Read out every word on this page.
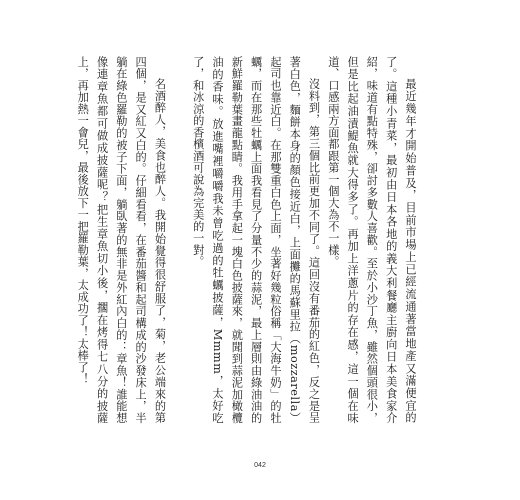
最近幾年才開始普及，目前市場上已經流通著當地產又滿便宜的了。這種小青菜，最初由日本各地的義大利餐廳主廚向日本美食家介紹，味道有點特殊，卻討多數人喜歡。至於小沙丁魚，雖然個頭很小，但是比起油漬鯷魚就大得多了。再加上洋蔥片的存在感，這一個在味道、口感兩方面都跟第一個大為不一樣。

沒料到，第三個比前更加不同了。這回沒有番茄的紅色，反之是呈著白色，麵餅本身的顏色接近白，上面攤的馬蘇里拉（mozzarella）起司也靠近白。在那雙重白色上面，坐著好幾粒俗稱「大海牛奶」的牡蠣，而在那些牡蠣上面我看見了分量不少的蒜泥，最上層則由綠油油的新鮮羅勒葉畫龍點睛。我用手拿起一塊白色披薩來，就聞到蒜泥加橄欖油的香味。放進嘴裡嚼嚼我未曾吃過的牡蠣披薩，Mmmm，太好吃了，和冰涼的香檳酒可說為完美的一對。

名酒醉人，美食也醉人。我開始覺得很舒服了，菊，老公端來的第四個，是又紅又白的。仔細看看，在番茄醬和起司構成的沙發床上，半躺在綠色羅勒的被子下面，躺臥著的無非是外紅內白的：章魚！誰能想像連章魚都可做成披薩呢？把生章魚切小後，擱在烤得七八分的披薩上，再加熱一會兒，最後放下一把羅勒葉，太成功了！太棒了！

042
